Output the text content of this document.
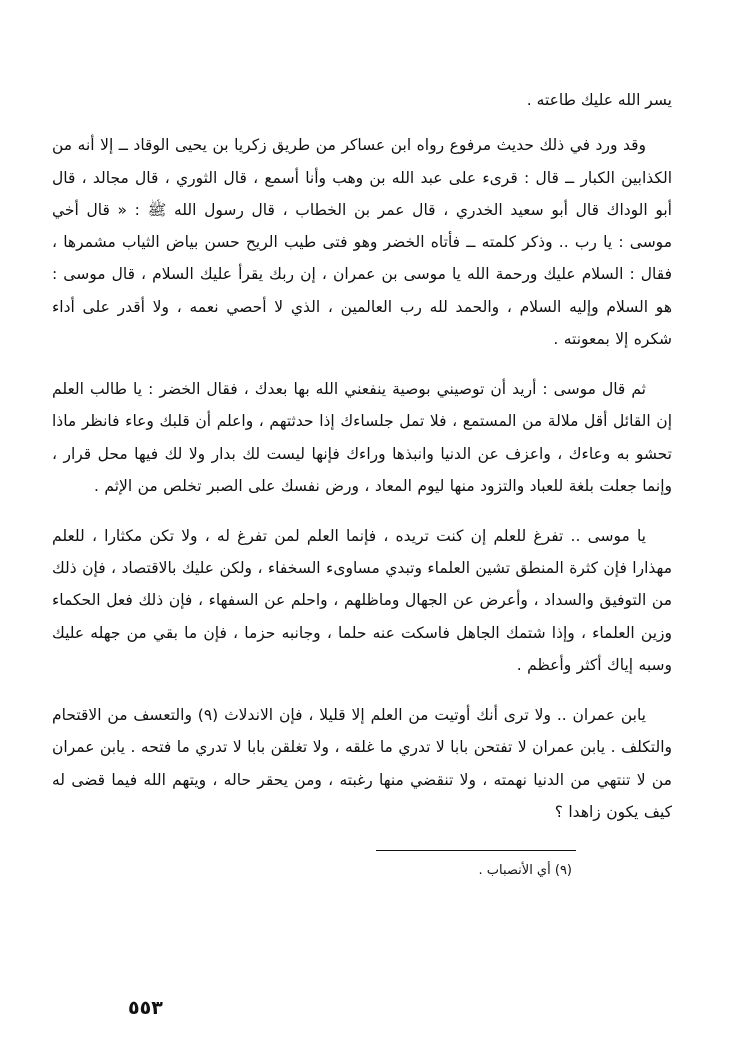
يسر الله عليك طاعته .

وقد ورد في ذلك حديث مرفوع رواه ابن عساكر من طريق زكريا بن يحيى الوقاد ــ إلا أنه من الكذابين الكبار ــ قال : قرىء على عبد الله بن وهب وأنا أسمع ، قال الثوري ، قال مجالد ، قال أبو الوداك قال أبو سعيد الخدري ، قال عمر بن الخطاب ، قال رسول الله ﷺ : « قال أخي موسى : يا رب .. وذكر كلمته ــ فأتاه الخضر وهو فتى طيب الريح حسن بياض الثياب مشمرها ، فقال : السلام عليك ورحمة الله يا موسى بن عمران ، إن ربك يقرأ عليك السلام ، قال موسى : هو السلام وإليه السلام ، والحمد لله رب العالمين ، الذي لا أحصي نعمه ، ولا أقدر على أداء شكره إلا بمعونته .

ثم قال موسى : أريد أن توصيني بوصية ينفعني الله بها بعدك ، فقال الخضر : يا طالب العلم إن القائل أقل ملالة من المستمع ، فلا تمل جلساءك إذا حدثتهم ، واعلم أن قلبك وعاء فانظر ماذا تحشو به وعاءك ، واعزف عن الدنيا وانبذها وراءك فإنها ليست لك بدار ولا لك فيها محل قرار ، وإنما جعلت بلغة للعباد والتزود منها ليوم المعاد ، ورض نفسك على الصبر تخلص من الإثم .

يا موسى .. تفرغ للعلم إن كنت تريده ، فإنما العلم لمن تفرغ له ، ولا تكن مكثارا ، للعلم مهذارا فإن كثرة المنطق تشين العلماء وتبدي مساوىء السخفاء ، ولكن عليك بالاقتصاد ، فإن ذلك من التوفيق والسداد ، وأعرض عن الجهال وماظلهم ، واحلم عن السفهاء ، فإن ذلك فعل الحكماء وزين العلماء ، وإذا شتمك الجاهل فاسكت عنه حلما ، وجانبه حزما ، فإن ما بقي من جهله عليك وسبه إياك أكثر وأعظم .

يابن عمران .. ولا ترى أنك أوتيت من العلم إلا قليلا ، فإن الاندلاث (٩) والتعسف من الاقتحام والتكلف . يابن عمران لا تفتحن بابا لا تدري ما غلقه ، ولا تغلقن بابا لا تدري ما فتحه . يابن عمران من لا تنتهي من الدنيا نهمته ، ولا تنقضي منها رغبته ، ومن يحقر حاله ، ويتهم الله فيما قضى له كيف يكون زاهدا ؟

(٩) أي الأنصباب .

٥٥٣
